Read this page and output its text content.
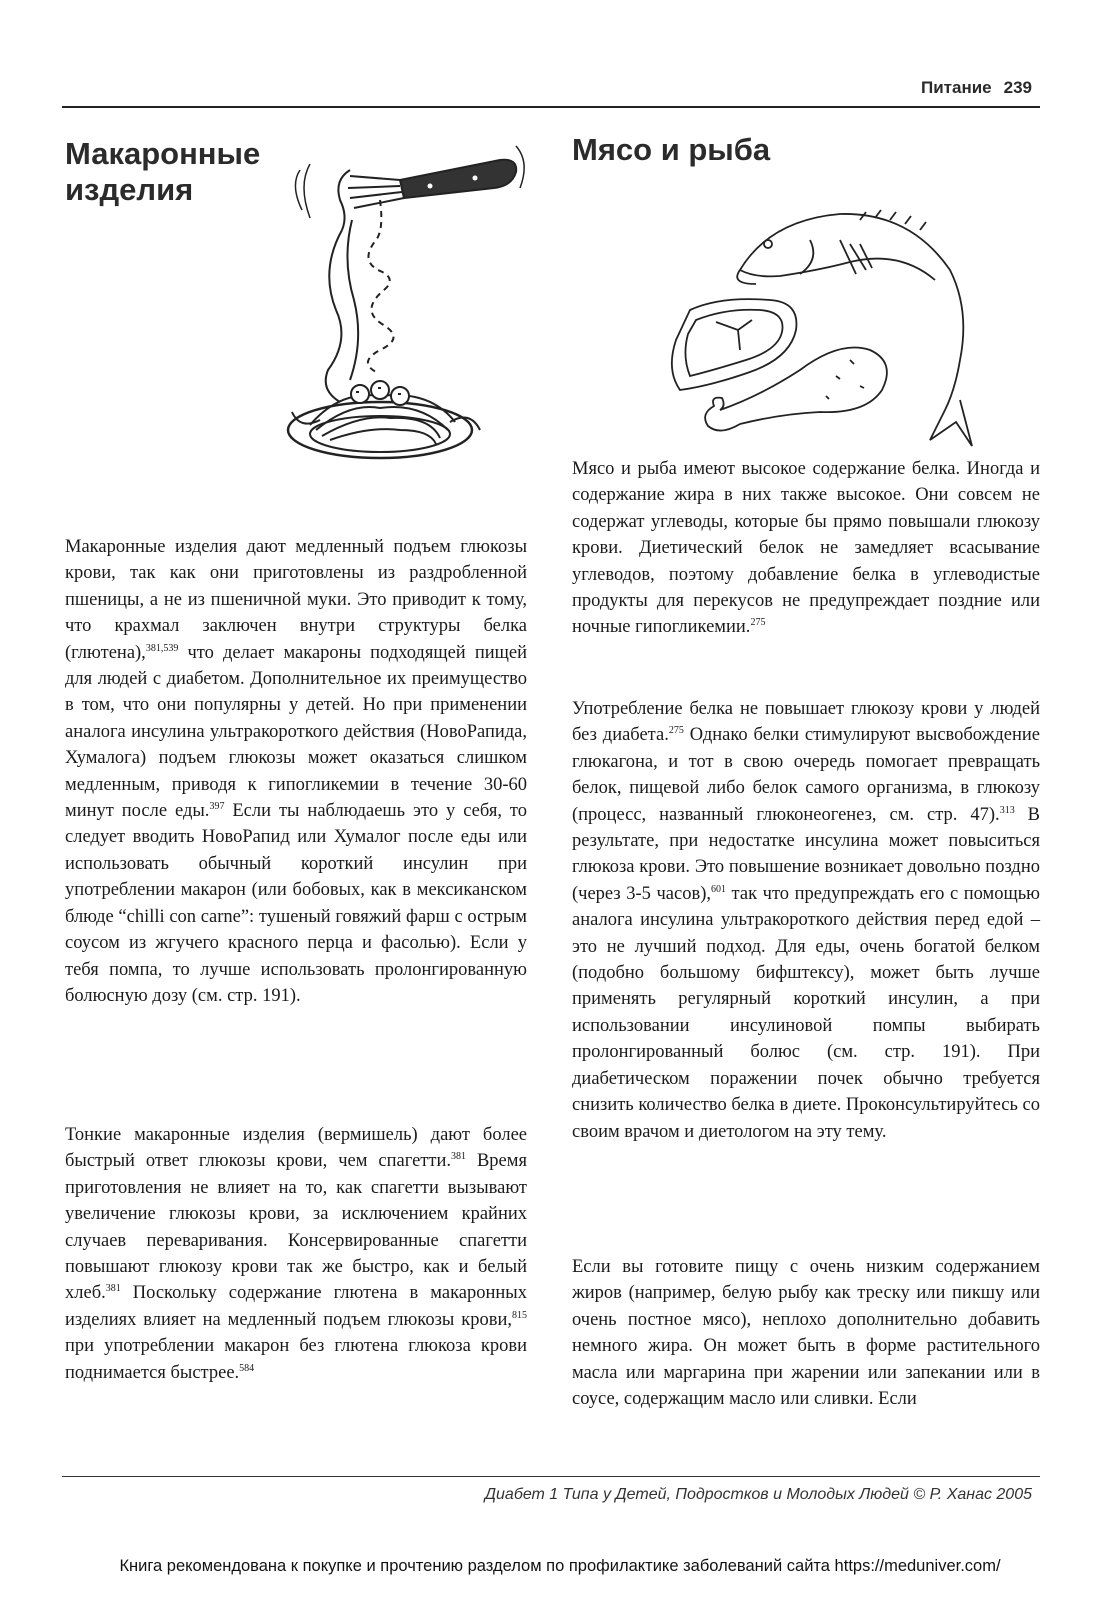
Питание 239
Макаронные
изделия
Мясо и рыба

Макаронные изделия дают медленный подъем глюкозы крови, так как они приготовлены из раздробленной пшеницы, а не из пшеничной муки. Это приводит к тому, что крахмал заключен внутри структуры белка (глютена),$^{381,539}$ что делает макароны подходящей пищей для людей с диабетом. Дополнительное их преимущество в том, что они популярны у детей. Но при применении аналога инсулина ультракороткого действия (НовоРапида, Хумалога) подъем глюкозы может оказаться слишком медленным, приводя к гипогликемии в течение 30-60 минут после еды.$^{397}$ Если ты наблюдаешь это у себя, то следует вводить НовоРапид или Хумалог после еды или использовать обычный короткий инсулин при употреблении макарон (или бобовых, как в мексиканском блюде “chilli con carne”: тушеный говяжий фарш с острым соусом из жгучего красного перца и фасолью). Если у тебя помпа, то лучше использовать пролонгированную болюсную дозу (см. стр. 191).

Тонкие макаронные изделия (вермишель) дают более быстрый ответ глюкозы крови, чем спагетти.$^{381}$ Время приготовления не влияет на то, как спагетти вызывают увеличение глюкозы крови, за исключением крайних случаев переваривания. Консервированные спагетти повышают глюкозу крови так же быстро, как и белый хлеб.$^{381}$ Поскольку содержание глютена в макаронных изделиях влияет на медленный подъем глюкозы крови,$^{815}$ при употреблении макарон без глютена глюкоза крови поднимается быстрее.$^{584}$

Мясо и рыба имеют высокое содержание белка. Иногда и содержание жира в них также высокое. Они совсем не содержат углеводы, которые бы прямо повышали глюкозу крови. Диетический белок не замедляет всасывание углеводов, поэтому добавление белка в углеводистые продукты для перекусов не предупреждает поздние или ночные гипогликемии.$^{275}$

Употребление белка не повышает глюкозу крови у людей без диабета.$^{275}$ Однако белки стимулируют высвобождение глюкагона, и тот в свою очередь помогает превращать белок, пищевой либо белок самого организма, в глюкозу (процесс, названный глюконеогенез, см. стр. 47).$^{313}$ В результате, при недостатке инсулина может повыситься глюкоза крови. Это повышение возникает довольно поздно (через 3-5 часов),$^{601}$ так что предупреждать его с помощью аналога инсулина ультракороткого действия перед едой – это не лучший подход. Для еды, очень богатой белком (подобно большому бифштексу), может быть лучше применять регулярный короткий инсулин, а при использовании инсулиновой помпы выбирать пролонгированный болюс (см. стр. 191). При диабетическом поражении почек обычно требуется снизить количество белка в диете. Проконсультируйтесь со своим врачом и диетологом на эту тему.

Если вы готовите пищу с очень низким содержанием жиров (например, белую рыбу как треску или пикшу или очень постное мясо), неплохо дополнительно добавить немного жира. Он может быть в форме растительного масла или маргарина при жарении или запекании или в соусе, содержащим масло или сливки. Если

Диабет 1 Типа у Детей, Подростков и Молодых Людей © Р. Ханас 2005
Книга рекомендована к покупке и прочтению разделом по профилактике заболеваний сайта https://meduniver.com/
